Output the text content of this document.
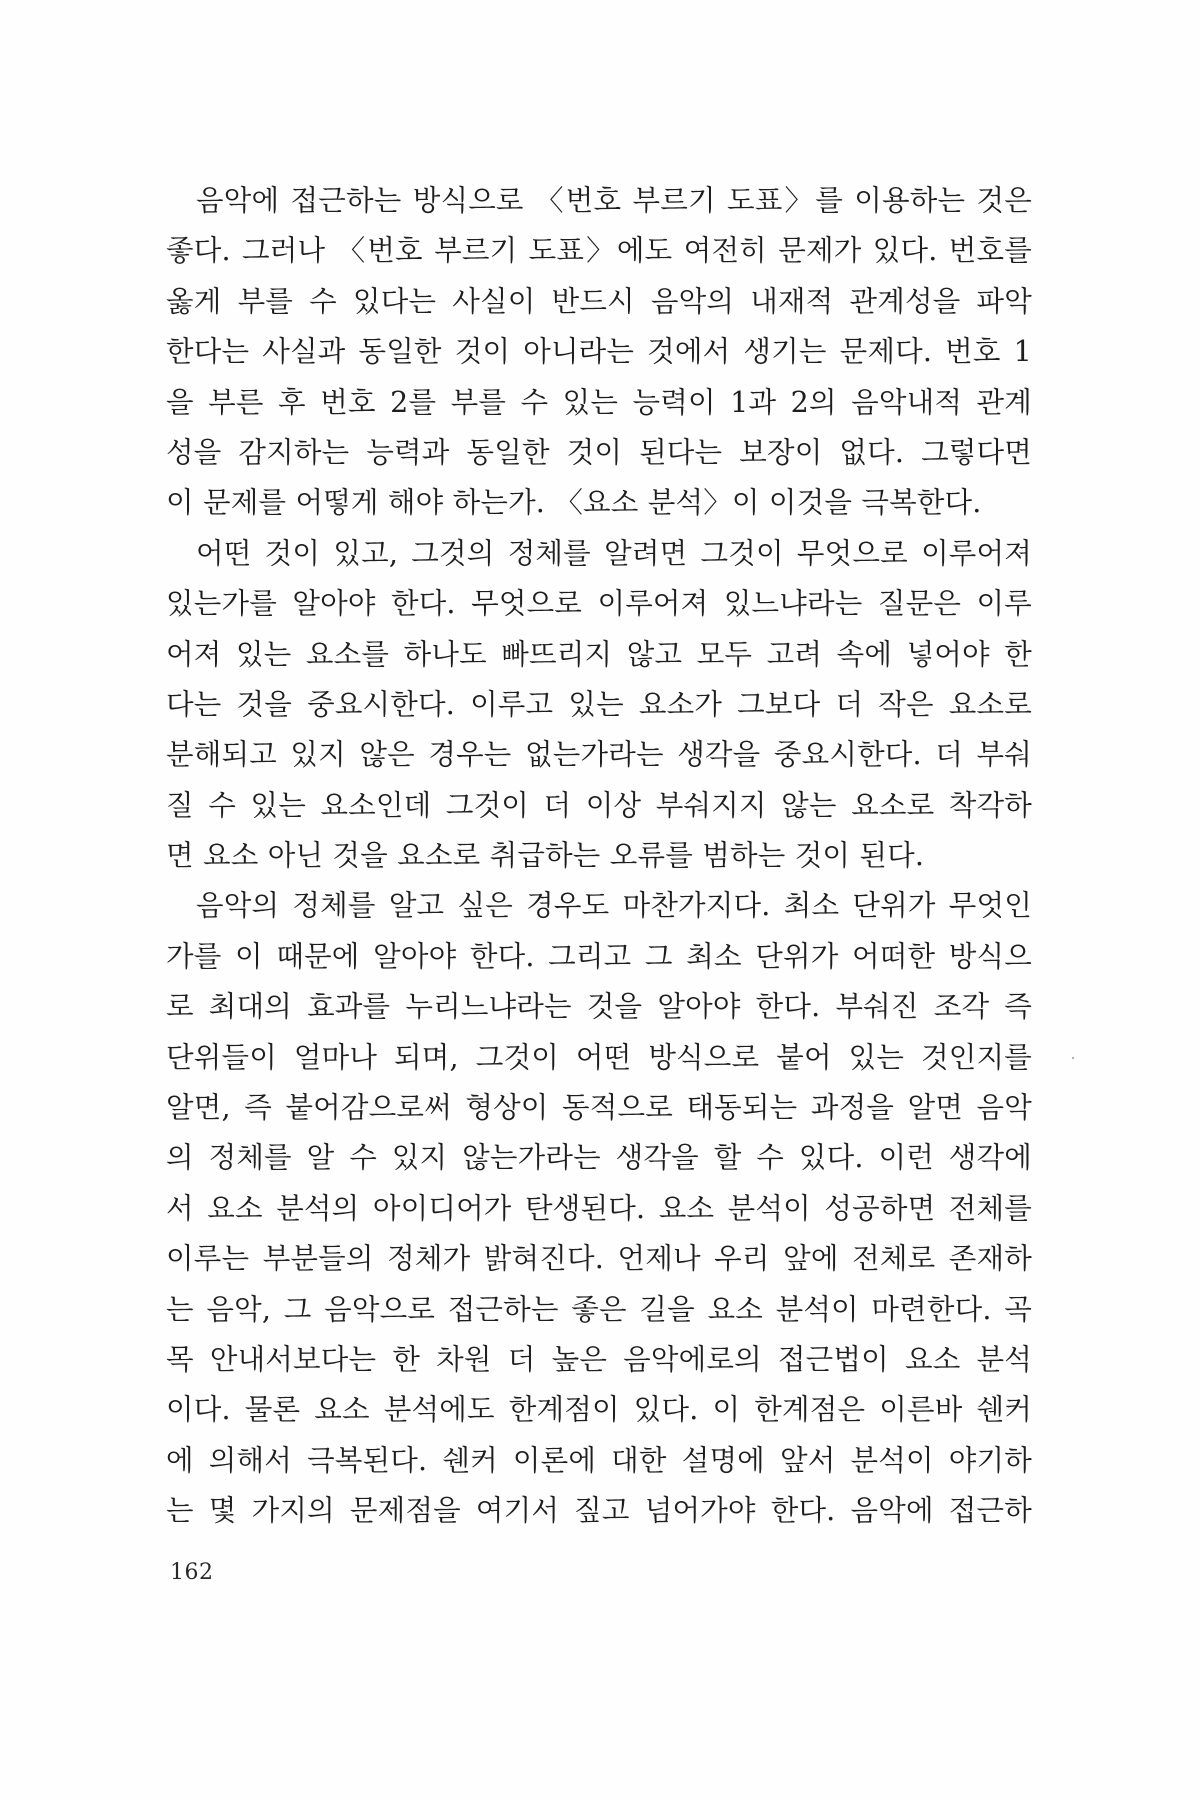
음악에 접근하는 방식으로 〈번호 부르기 도표〉를 이용하는 것은
좋다. 그러나 〈번호 부르기 도표〉에도 여전히 문제가 있다. 번호를
옳게 부를 수 있다는 사실이 반드시 음악의 내재적 관계성을 파악
한다는 사실과 동일한 것이 아니라는 것에서 생기는 문제다. 번호 1
을 부른 후 번호 2를 부를 수 있는 능력이 1과 2의 음악내적 관계
성을 감지하는 능력과 동일한 것이 된다는 보장이 없다. 그렇다면
이 문제를 어떻게 해야 하는가. 〈요소 분석〉이 이것을 극복한다.
어떤 것이 있고, 그것의 정체를 알려면 그것이 무엇으로 이루어져
있는가를 알아야 한다. 무엇으로 이루어져 있느냐라는 질문은 이루
어져 있는 요소를 하나도 빠뜨리지 않고 모두 고려 속에 넣어야 한
다는 것을 중요시한다. 이루고 있는 요소가 그보다 더 작은 요소로
분해되고 있지 않은 경우는 없는가라는 생각을 중요시한다. 더 부숴
질 수 있는 요소인데 그것이 더 이상 부숴지지 않는 요소로 착각하
면 요소 아닌 것을 요소로 취급하는 오류를 범하는 것이 된다.
음악의 정체를 알고 싶은 경우도 마찬가지다. 최소 단위가 무엇인
가를 이 때문에 알아야 한다. 그리고 그 최소 단위가 어떠한 방식으
로 최대의 효과를 누리느냐라는 것을 알아야 한다. 부숴진 조각 즉
단위들이 얼마나 되며, 그것이 어떤 방식으로 붙어 있는 것인지를
알면, 즉 붙어감으로써 형상이 동적으로 태동되는 과정을 알면 음악
의 정체를 알 수 있지 않는가라는 생각을 할 수 있다. 이런 생각에
서 요소 분석의 아이디어가 탄생된다. 요소 분석이 성공하면 전체를
이루는 부분들의 정체가 밝혀진다. 언제나 우리 앞에 전체로 존재하
는 음악, 그 음악으로 접근하는 좋은 길을 요소 분석이 마련한다. 곡
목 안내서보다는 한 차원 더 높은 음악에로의 접근법이 요소 분석
이다. 물론 요소 분석에도 한계점이 있다. 이 한계점은 이른바 쉔커
에 의해서 극복된다. 쉔커 이론에 대한 설명에 앞서 분석이 야기하
는 몇 가지의 문제점을 여기서 짚고 넘어가야 한다. 음악에 접근하
162
